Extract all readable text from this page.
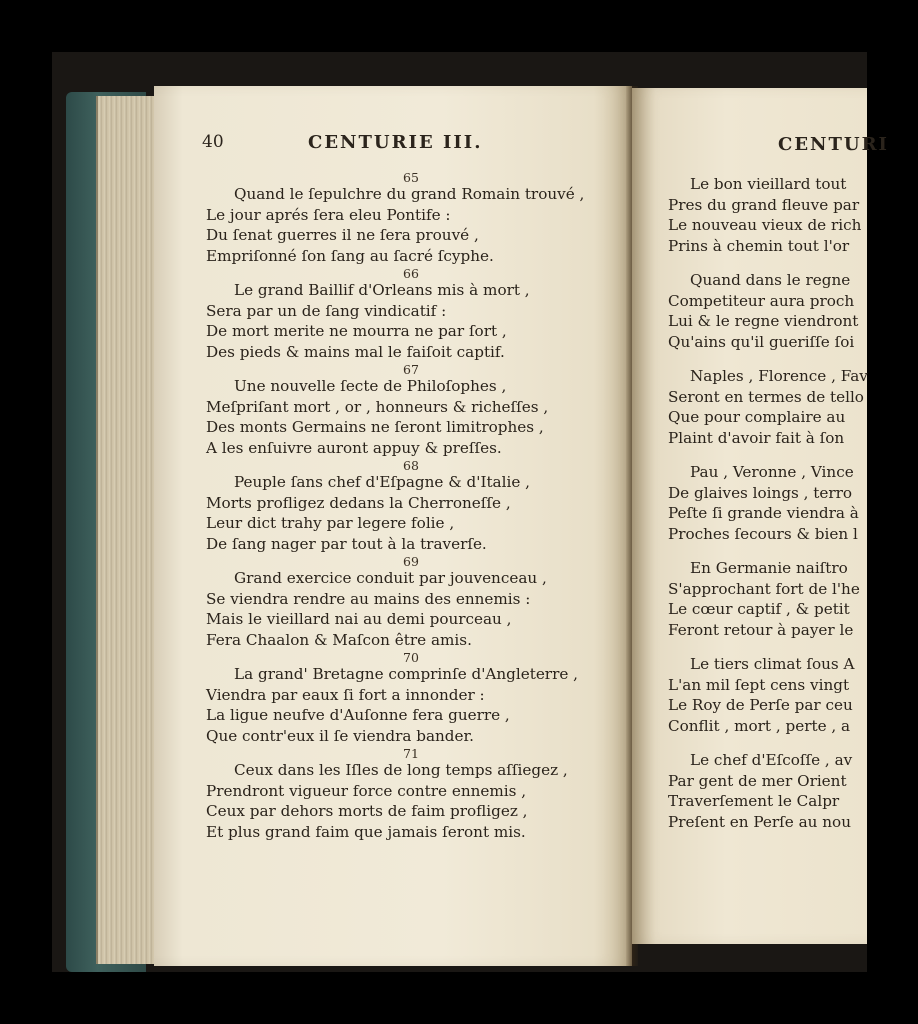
40	CENTURIE III.
65
Quand le ſepulchre du grand Romain trouvé ,
Le jour aprés ſera eleu Pontife :
Du ſenat guerres il ne ſera prouvé ,
Empriſonné ſon ſang au ſacré ſcyphe.
66
Le grand Baillif d'Orleans mis à mort ,
Sera par un de ſang vindicatif :
De mort merite ne mourra ne par ſort ,
Des pieds & mains mal le faiſoit captif.
67
Une nouvelle ſecte de Philoſophes ,
Meſpriſant mort , or , honneurs & richeſſes ,
Des monts Germains ne ſeront limitrophes ,
A les enſuivre auront appuy & preſſes.
68
Peuple ſans chef d'Eſpagne & d'Italie ,
Morts profligez dedans la Cherroneſſe ,
Leur dict trahy par legere folie ,
De ſang nager par tout à la traverſe.
69
Grand exercice conduit par jouvenceau ,
Se viendra rendre au mains des ennemis :
Mais le vieillard nai au demi pourceau ,
Fera Chaalon & Maſcon être amis.
70
La grand' Bretagne comprinſe d'Angleterre ,
Viendra par eaux ſi fort a innonder :
La ligue neufve d'Auſonne fera guerre ,
Que contr'eux il ſe viendra bander.
71
Ceux dans les Iſles de long temps aſſiegez ,
Prendront vigueur force contre ennemis ,
Ceux par dehors morts de faim profligez ,
Et plus grand faim que jamais ſeront mis.
CENTURI
Le bon vieillard tout
Pres du grand fleuve par
Le nouveau vieux de rich
Prins à chemin tout l'or
Quand dans le regne
Competiteur aura proch
Lui & le regne viendront
Qu'ains qu'il gueriſſe ſoi
Naples , Florence , Fav
Seront en termes de tello
Que pour complaire au
Plaint d'avoir fait à ſon
Pau , Veronne , Vince
De glaives loings , terro
Peſte ſi grande viendra à
Proches ſecours & bien l
En Germanie naiſtro
S'approchant fort de l'he
Le cœur captif , & petit
Feront retour à payer le
Le tiers climat ſous A
L'an mil ſept cens vingt
Le Roy de Perſe par ceu
Conflit , mort , perte , a
Le chef d'Eſcoſſe , av
Par gent de mer Orient
Traverſement le Calpr
Preſent en Perſe au nou
